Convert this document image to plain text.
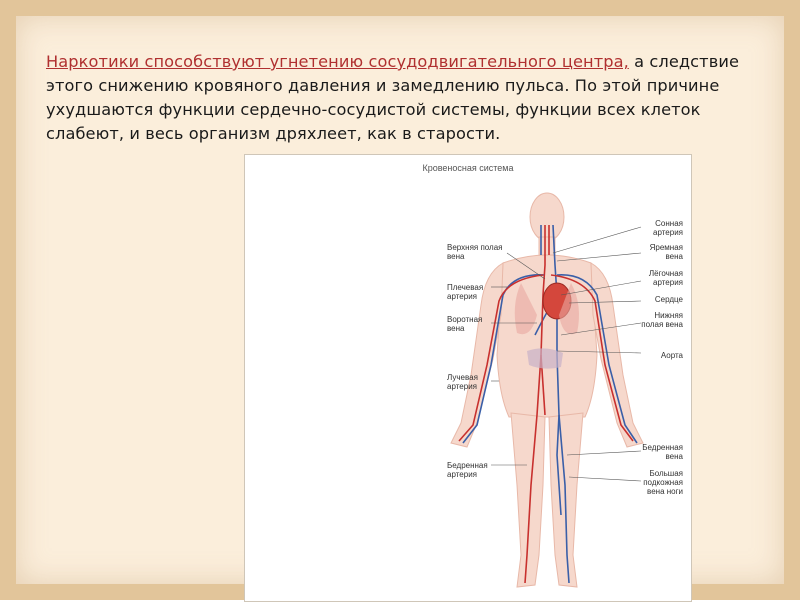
Наркотики способствуют угнетению сосудодвигательного центра, а следствие этого снижению кровяного давления и замедлению пульса. По этой причине ухудшаются функции сердечно-сосудистой системы, функции всех клеток слабеют, и весь организм дряхлеет, как в старости.
Кровеносная система
Верхняя полая вена
Плечевая артерия
Воротная вена
Лучевая артерия
Бедренная артерия
Сонная артерия
Яремная вена
Лёгочная артерия
Сердце
Нижняя полая вена
Аорта
Бедренная вена
Большая подкожная вена ноги
